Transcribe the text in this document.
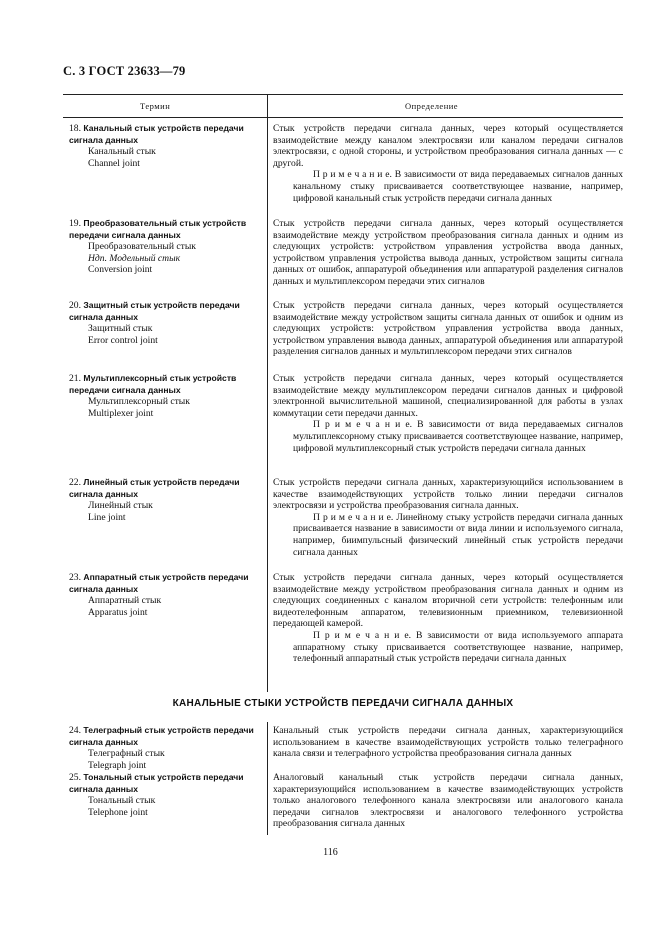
С. 3 ГОСТ 23633—79
Термин	Определение
18. Канальный стык устройств передачи сигнала данных
Канальный стык
Channel joint

Стык устройств передачи сигнала данных, через который осуществляется взаимодействие между каналом электросвязи или каналом передачи сигналов электросвязи, с одной стороны, и устройством преобразования сигнала данных — с другой.

П р и м е ч а н и е. В зависимости от вида передаваемых сигналов данных канальному стыку присваивается соответствующее название, например, цифровой канальный стык устройств передачи сигнала данных

19. Преобразовательный стык устройств передачи сигнала данных
Преобразовательный стык
Ндп. Модельный стык
Conversion joint

Стык устройств передачи сигнала данных, через который осуществляется взаимодействие между устройством преобразования сигнала данных и одним из следующих устройств: устройством управления устройства ввода данных, устройством управления устройства вывода данных, устройством защиты сигнала данных от ошибок, аппаратурой объединения или аппаратурой разделения сигналов данных и мультиплексором передачи этих сигналов

20. Защитный стык устройств передачи сигнала данных
Защитный стык
Error control joint

Стык устройств передачи сигнала данных, через который осуществляется взаимодействие между устройством защиты сигнала данных от ошибок и одним из следующих устройств: устройством управления устройства ввода данных, устройством управления вывода данных, аппаратурой объединения или аппаратурой разделения сигналов данных и мультиплексором передачи этих сигналов

21. Мультиплексорный стык устройств передачи сигнала данных
Мультиплексорный стык
Multiplexer joint

Стык устройств передачи сигнала данных, через который осуществляется взаимодействие между мультиплексором передачи сигналов данных и цифровой электронной вычислительной машиной, специализированной для работы в узлах коммутации сети передачи данных.

П р и м е ч а н и е. В зависимости от вида передаваемых сигналов мультиплексорному стыку присваивается соответствующее название, например, цифровой мультиплексорный стык устройств передачи сигнала данных

22. Линейный стык устройств передачи сигнала данных
Линейный стык
Line joint

Стык устройств передачи сигнала данных, характеризующийся использованием в качестве взаимодействующих устройств только линии передачи сигналов электросвязи и устройства преобразования сигнала данных.

П р и м е ч а н и е. Линейному стыку устройств передачи сигнала данных присваивается название в зависимости от вида линии и используемого сигнала, например, биимпульсный физический линейный стык устройств передачи сигнала данных

23. Аппаратный стык устройств передачи сигнала данных
Аппаратный стык
Apparatus joint

Стык устройств передачи сигнала данных, через который осуществляется взаимодействие между устройством преобразования сигнала данных и одним из следующих соединенных с каналом вторичной сети устройств: телефонным или видеотелефонным аппаратом, телевизионным приемником, телевизионной передающей камерой.

П р и м е ч а н и е. В зависимости от вида используемого аппарата аппаратному стыку присваивается соответствующее название, например, телефонный аппаратный стык устройств передачи сигнала данных

КАНАЛЬНЫЕ СТЫКИ УСТРОЙСТВ ПЕРЕДАЧИ СИГНАЛА ДАННЫХ
24. Телеграфный стык устройств передачи сигнала данных
Телеграфный стык
Telegraph joint

Канальный стык устройств передачи сигнала данных, характеризующийся использованием в качестве взаимодействующих устройств только телеграфного канала связи и телеграфного устройства преобразования сигнала данных

25. Тональный стык устройств передачи сигнала данных
Тональный стык
Telephone joint

Аналоговый канальный стык устройств передачи сигнала данных, характеризующийся использованием в качестве взаимодействующих устройств только аналогового телефонного канала электросвязи или аналогового канала передачи сигналов электросвязи и аналогового телефонного устройства преобразования сигнала данных

116
